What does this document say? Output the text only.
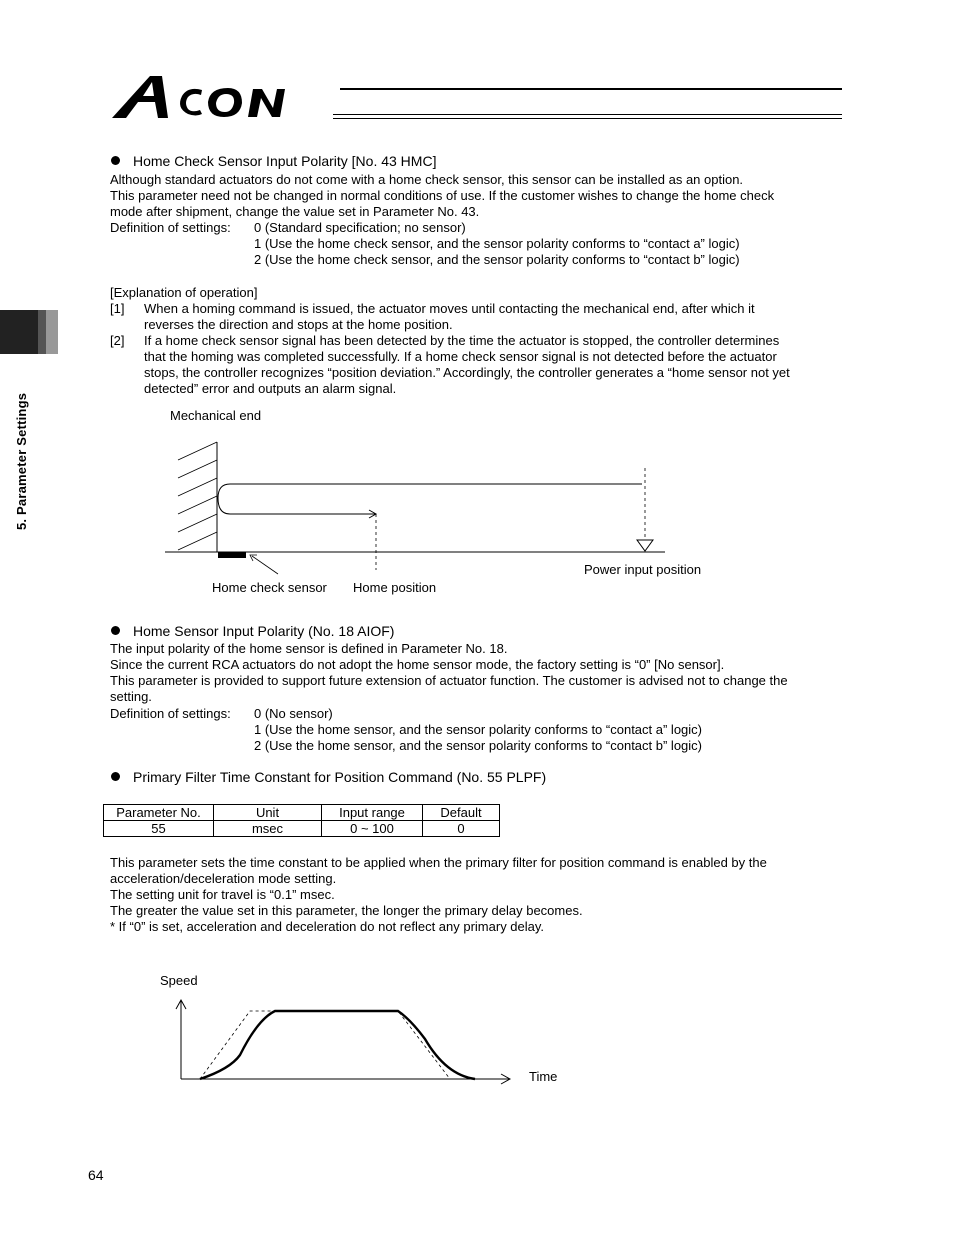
5. Parameter Settings
Home Check Sensor Input Polarity [No. 43 HMC]
Although standard actuators do not come with a home check sensor, this sensor can be installed as an option.
This parameter need not be changed in normal conditions of use. If the customer wishes to change the home check
mode after shipment, change the value set in Parameter No. 43.
Definition of settings: 0 (Standard specification; no sensor)
1 (Use the home check sensor, and the sensor polarity conforms to “contact a” logic)
2 (Use the home check sensor, and the sensor polarity conforms to “contact b” logic)
[Explanation of operation]
[1] When a homing command is issued, the actuator moves until contacting the mechanical end, after which it
reverses the direction and stops at the home position.
[2] If a home check sensor signal has been detected by the time the actuator is stopped, the controller determines
that the homing was completed successfully. If a home check sensor signal is not detected before the actuator
stops, the controller recognizes “position deviation.” Accordingly, the controller generates a “home sensor not yet
detected” error and outputs an alarm signal.
Mechanical end
Home check sensor Home position
Power input position
Home Sensor Input Polarity (No. 18 AIOF)
The input polarity of the home sensor is defined in Parameter No. 18.
Since the current RCA actuators do not adopt the home sensor mode, the factory setting is “0” [No sensor].
This parameter is provided to support future extension of actuator function. The customer is advised not to change the
setting.
Definition of settings: 0 (No sensor)
1 (Use the home sensor, and the sensor polarity conforms to “contact a” logic)
2 (Use the home sensor, and the sensor polarity conforms to “contact b” logic)
Primary Filter Time Constant for Position Command (No. 55 PLPF)
Parameter No.	Unit	Input range	Default
55	msec	0 ~ 100	0
This parameter sets the time constant to be applied when the primary filter for position command is enabled by the
acceleration/deceleration mode setting.
The setting unit for travel is “0.1” msec.
The greater the value set in this parameter, the longer the primary delay becomes.
* If “0” is set, acceleration and deceleration do not reflect any primary delay.
Speed
Time
64
